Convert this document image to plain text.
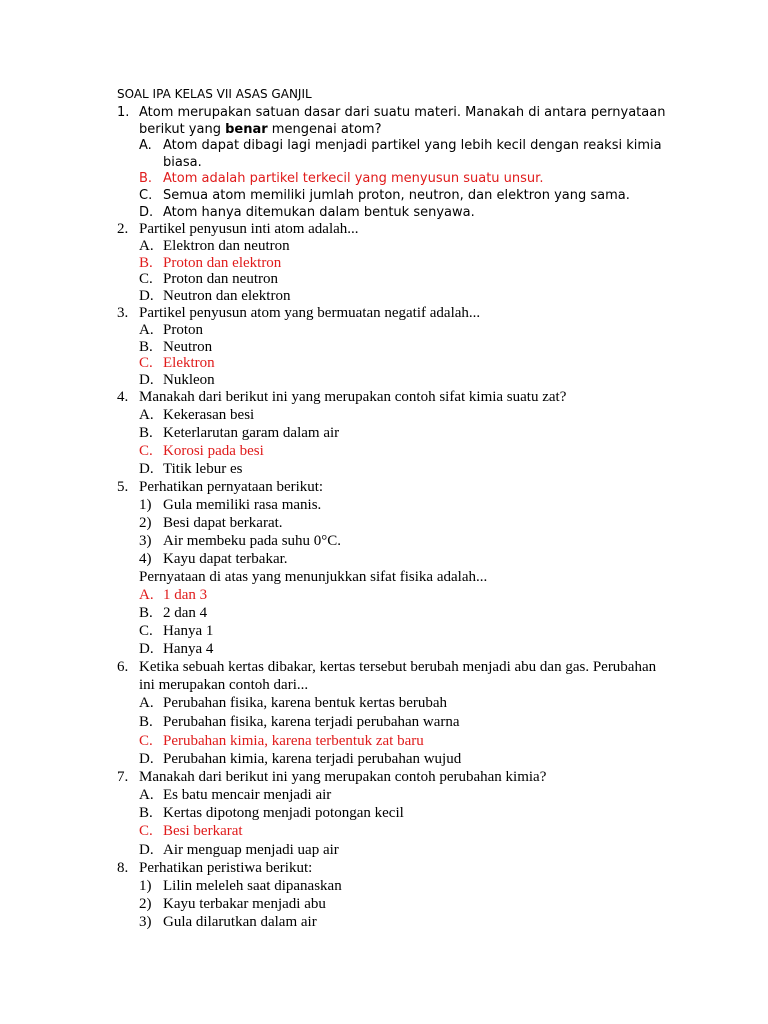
SOAL IPA KELAS VII ASAS GANJIL
1. Atom merupakan satuan dasar dari suatu materi. Manakah di antara pernyataan
berikut yang benar mengenai atom?
A. Atom dapat dibagi lagi menjadi partikel yang lebih kecil dengan reaksi kimia
biasa.
B. Atom adalah partikel terkecil yang menyusun suatu unsur.
C. Semua atom memiliki jumlah proton, neutron, dan elektron yang sama.
D. Atom hanya ditemukan dalam bentuk senyawa.
2. Partikel penyusun inti atom adalah...
A. Elektron dan neutron
B. Proton dan elektron
C. Proton dan neutron
D. Neutron dan elektron
3. Partikel penyusun atom yang bermuatan negatif adalah...
A. Proton
B. Neutron
C. Elektron
D. Nukleon
4. Manakah dari berikut ini yang merupakan contoh sifat kimia suatu zat?
A. Kekerasan besi
B. Keterlarutan garam dalam air
C. Korosi pada besi
D. Titik lebur es
5. Perhatikan pernyataan berikut:
1) Gula memiliki rasa manis.
2) Besi dapat berkarat.
3) Air membeku pada suhu 0°C.
4) Kayu dapat terbakar.
Pernyataan di atas yang menunjukkan sifat fisika adalah...
A. 1 dan 3
B. 2 dan 4
C. Hanya 1
D. Hanya 4
6. Ketika sebuah kertas dibakar, kertas tersebut berubah menjadi abu dan gas. Perubahan
ini merupakan contoh dari...
A. Perubahan fisika, karena bentuk kertas berubah
B. Perubahan fisika, karena terjadi perubahan warna
C. Perubahan kimia, karena terbentuk zat baru
D. Perubahan kimia, karena terjadi perubahan wujud
7. Manakah dari berikut ini yang merupakan contoh perubahan kimia?
A. Es batu mencair menjadi air
B. Kertas dipotong menjadi potongan kecil
C. Besi berkarat
D. Air menguap menjadi uap air
8. Perhatikan peristiwa berikut:
1) Lilin meleleh saat dipanaskan
2) Kayu terbakar menjadi abu
3) Gula dilarutkan dalam air
